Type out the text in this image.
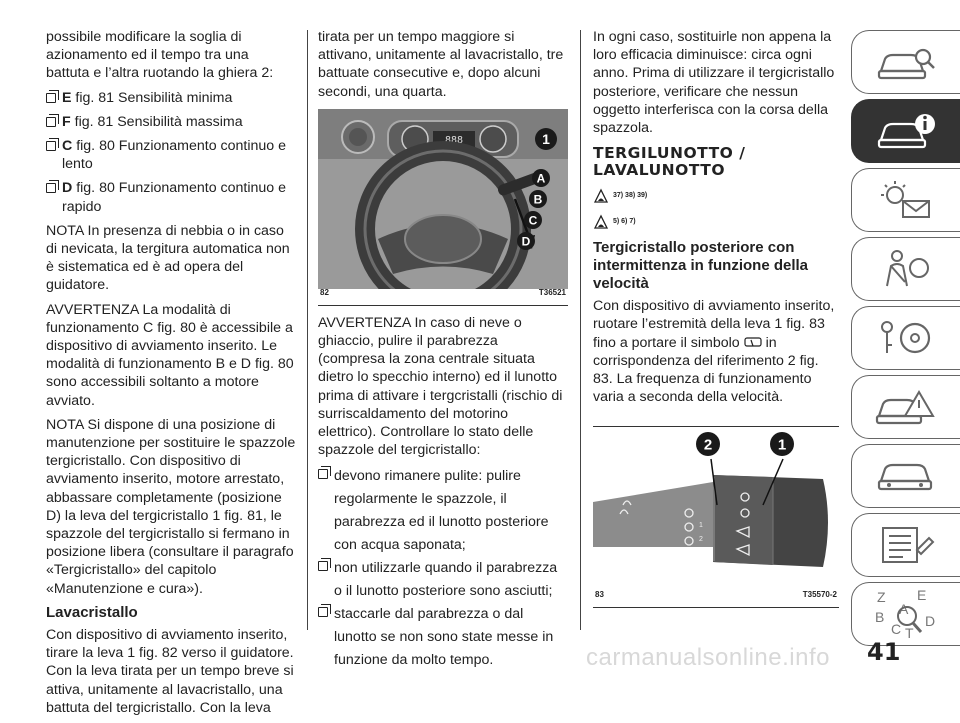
possibile modificare la soglia di azionamento ed il tempo tra una battuta e l’altra ruotando la ghiera 2:

E fig. 81 Sensibilità minima

F fig. 81 Sensibilità massima

C fig. 80 Funzionamento continuo e lento

D fig. 80 Funzionamento continuo e rapido

NOTA In presenza di nebbia o in caso di nevicata, la tergitura automatica non è sistematica ed è ad opera del guidatore.

AVVERTENZA La modalità di funzionamento C fig. 80 è accessibile a dispositivo di avviamento inserito. Le modalità di funzionamento B e D fig. 80 sono accessibili soltanto a motore avviato.

NOTA Si dispone di una posizione di manutenzione per sostituire le spazzole tergicristallo. Con dispositivo di avviamento inserito, motore arrestato, abbassare completamente (posizione D) la leva del tergicristallo 1 fig. 81, le spazzole del tergicristallo si fermano in posizione libera (consultare il paragrafo «Tergicristallo» del capitolo «Manutenzione e cura»).

Lavacristallo

Con dispositivo di avviamento inserito, tirare la leva 1 fig. 82 verso il guidatore. Con la leva tirata per un tempo breve si attiva, unitamente al lavacristallo, una battuta del tergicristallo. Con la leva

tirata per un tempo maggiore si attivano, unitamente al lavacristallo, tre battuate consecutive e, dopo alcuni secondi, una quarta.

888	1
A
B
C
D
82	T36521

AVVERTENZA In caso di neve o ghiaccio, pulire il parabrezza (compresa la zona centrale situata dietro lo specchio interno) ed il lunotto prima di attivare i tergcristalli (rischio di surriscaldamento del motorino elettrico). Controllare lo stato delle spazzole del tergicristallo:

devono rimanere pulite: pulire regolarmente le spazzole, il parabrezza ed il lunotto posteriore con acqua saponata;

non utilizzarle quando il parabrezza o il lunotto posteriore sono asciutti;

staccarle dal parabrezza o dal lunotto se non sono state messe in funzione da molto tempo.

In ogni caso, sostituirle non appena la loro efficacia diminuisce: circa ogni anno. Prima di utilizzare il tergicristallo posteriore, verificare che nessun oggetto interferisca con la corsa della spazzola.

TERGILUNOTTO / LAVALUNOTTO
37) 38) 39)
5) 6) 7)
Tergicristallo posteriore con intermittenza in funzione della velocità

Con dispositivo di avviamento inserito, ruotare l’estremità della leva 1 fig. 83 fino a portare il simbolo in corrispondenza del riferimento 2 fig. 83. La frequenza di funzionamento varia a seconda della velocità.

1
2
2	1
83	T35570-2	Z E
B A
C T
D
41
carmanualsonline.info
